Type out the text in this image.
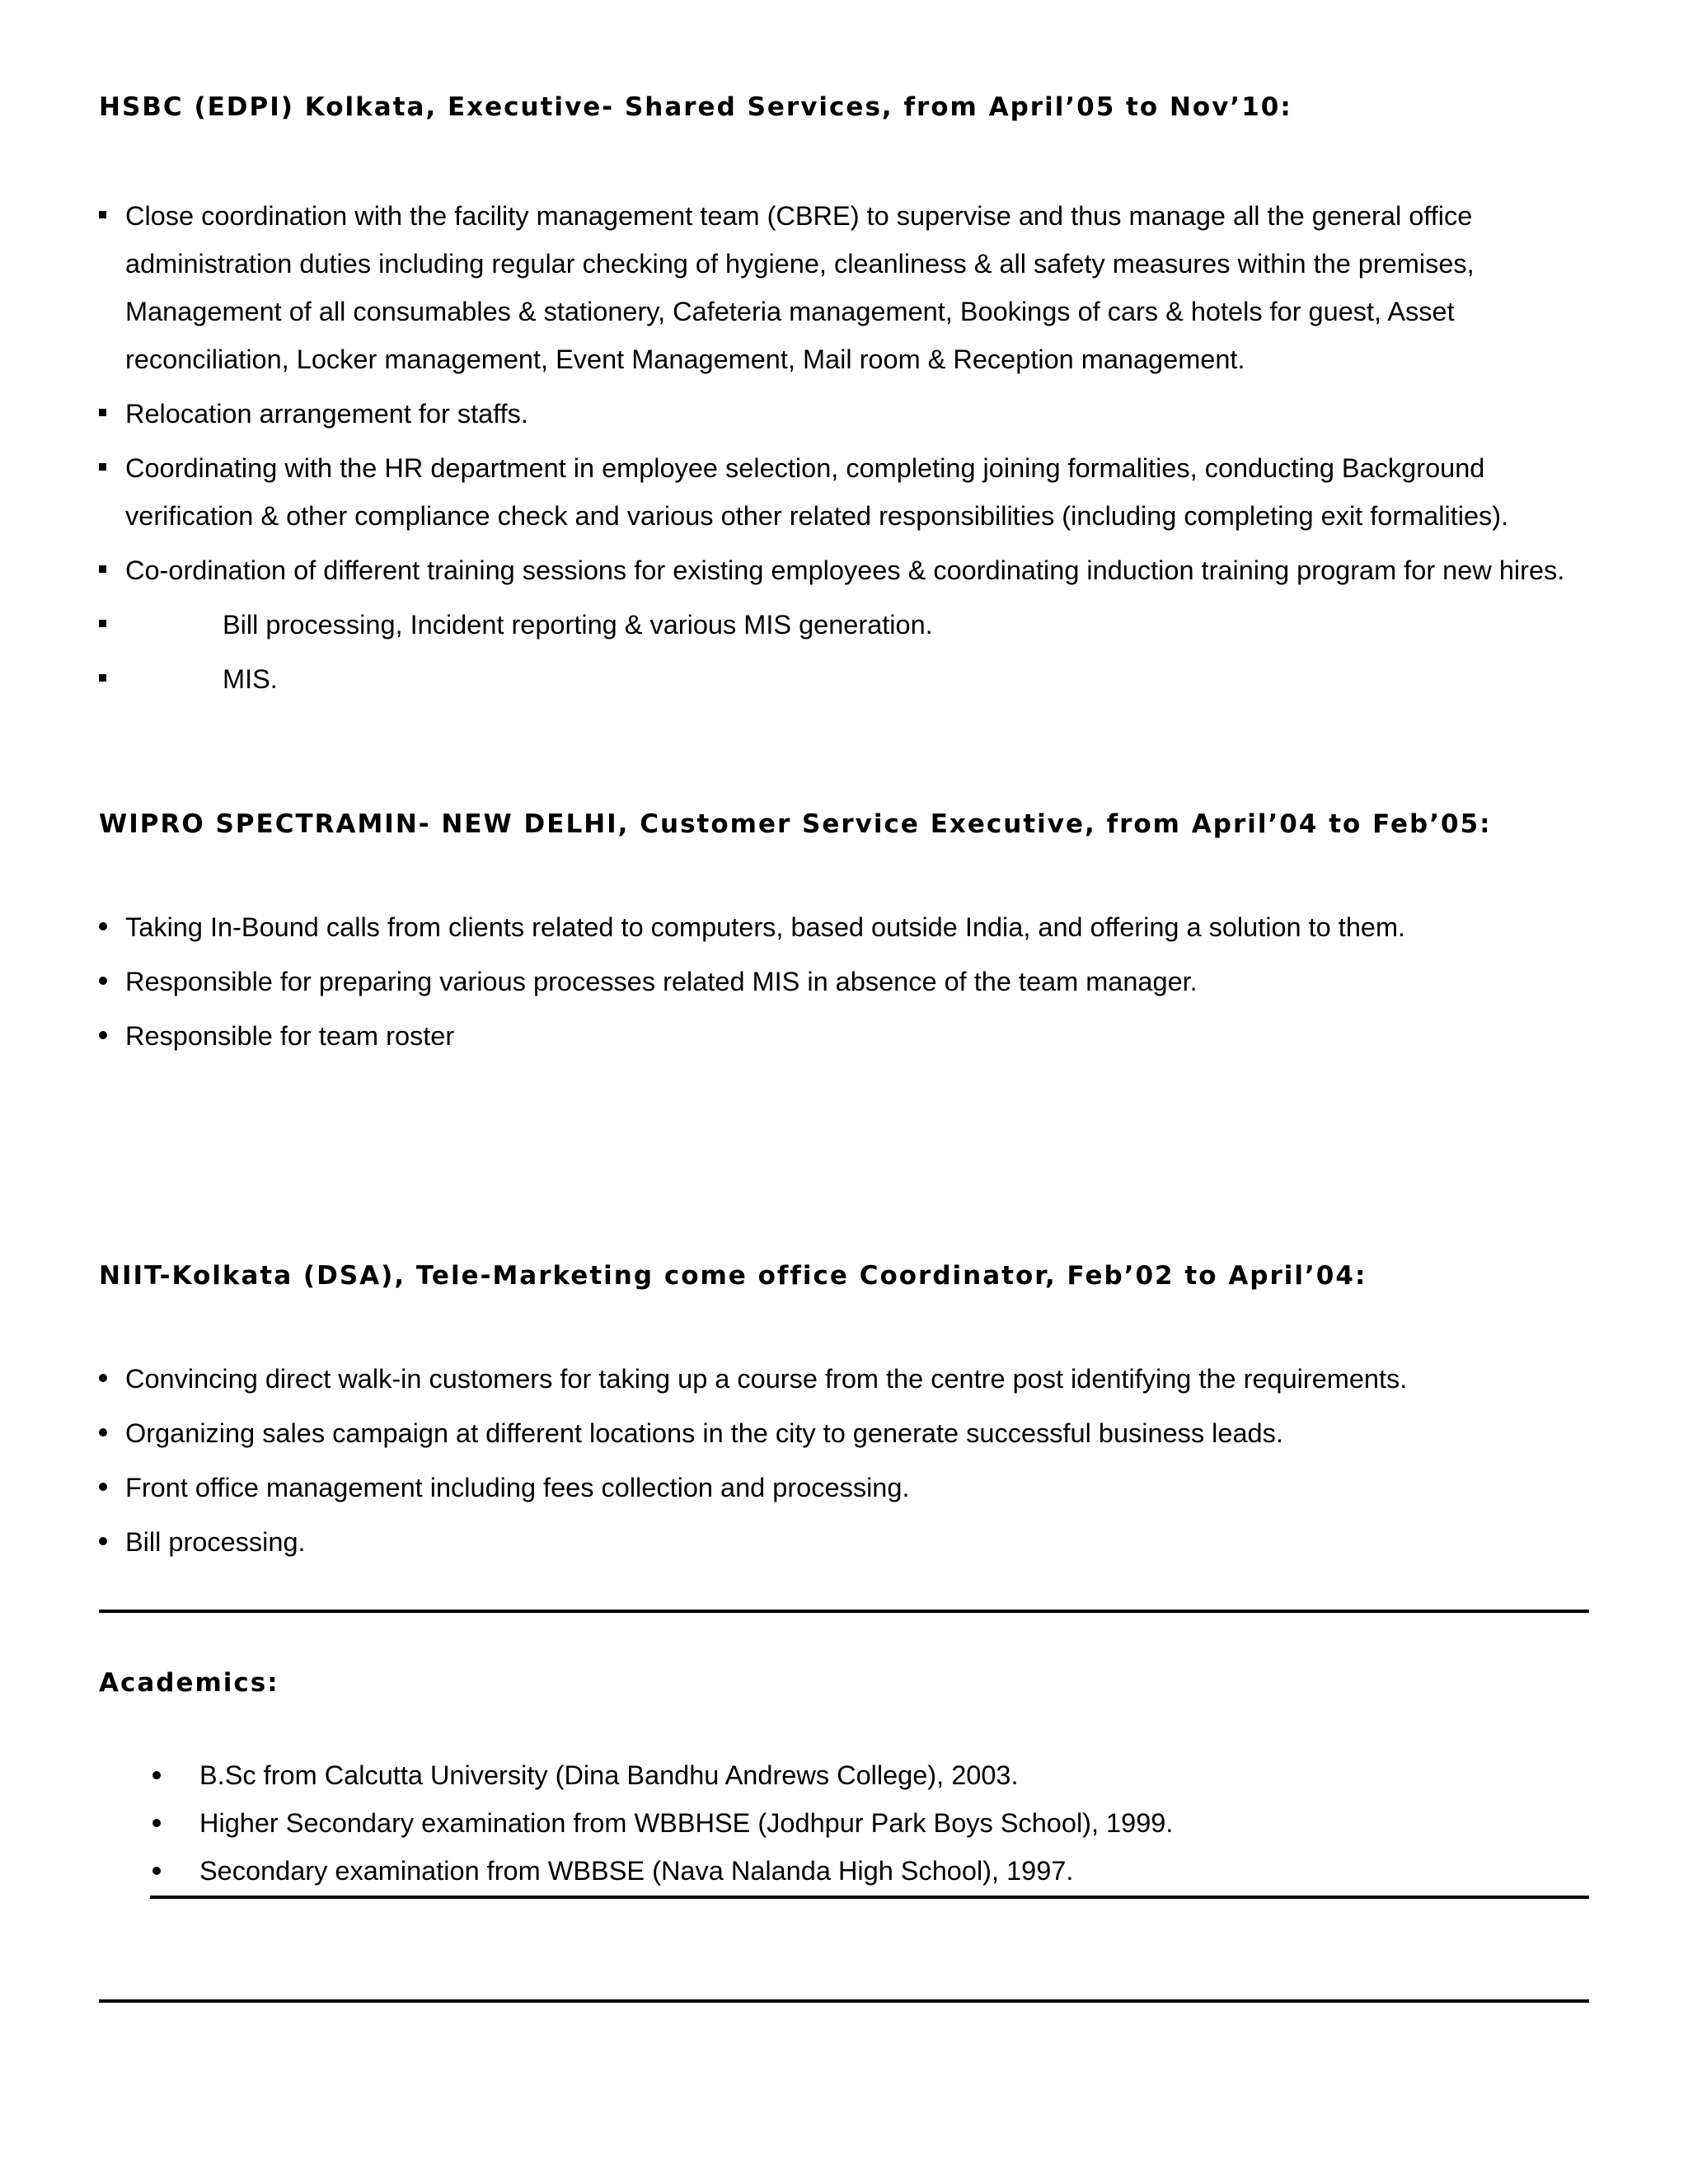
HSBC (EDPI) Kolkata, Executive- Shared Services, from April’05 to Nov’10:
Close coordination with the facility management team (CBRE) to supervise and thus manage all the general office administration duties including regular checking of hygiene, cleanliness & all safety measures within the premises, Management of all consumables & stationery, Cafeteria management, Bookings of cars & hotels for guest, Asset reconciliation, Locker management, Event Management, Mail room & Reception management.
Relocation arrangement for staffs.
Coordinating with the HR department in employee selection, completing joining formalities, conducting Background verification & other compliance check and various other related responsibilities (including completing exit formalities).
Co-ordination of different training sessions for existing employees & coordinating induction training program for new hires.
Bill processing, Incident reporting & various MIS generation.
MIS.
WIPRO SPECTRAMIN- NEW DELHI, Customer Service Executive, from April’04 to Feb’05:
Taking In-Bound calls from clients related to computers, based outside India, and offering a solution to them.
Responsible for preparing various processes related MIS in absence of the team manager.
Responsible for team roster
NIIT-Kolkata (DSA), Tele-Marketing come office Coordinator, Feb’02 to April’04:
Convincing direct walk-in customers for taking up a course from the centre post identifying the requirements.
Organizing sales campaign at different locations in the city to generate successful business leads.
Front office management including fees collection and processing.
Bill processing.
Academics:
B.Sc from Calcutta University (Dina Bandhu Andrews College), 2003.
Higher Secondary examination from WBBHSE (Jodhpur Park Boys School), 1999.
Secondary examination from WBBSE (Nava Nalanda High School), 1997.
